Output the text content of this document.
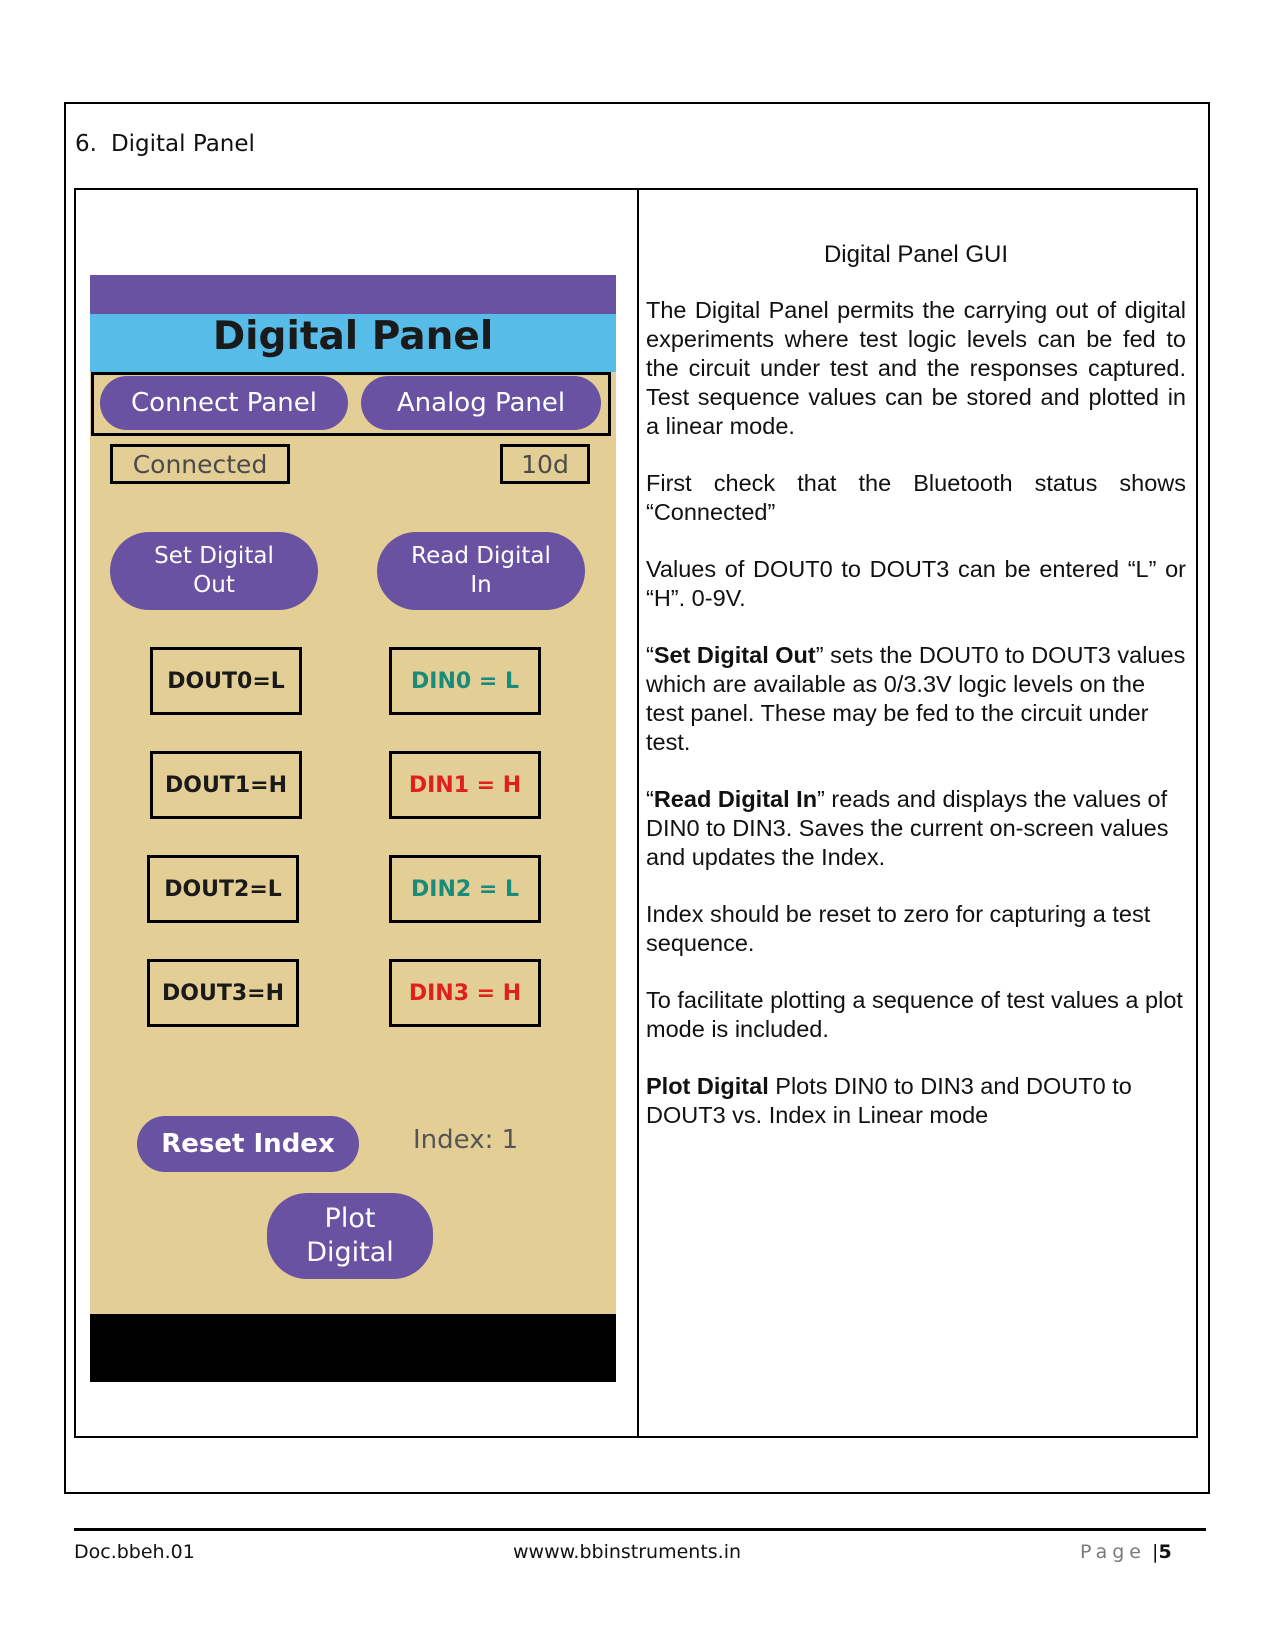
6. Digital Panel
Digital Panel
Connect Panel	Analog Panel
Connected	10d
Set Digital
Out
Read Digital
In
DOUT0=L
DOUT1=H
DOUT2=L
DOUT3=H
DIN0 = L
DIN1 = H
DIN2 = L
DIN3 = H
Reset Index	Index: 1
Plot
Digital
Digital Panel GUI

The Digital Panel permits the carrying out of digital experiments where test logic levels can be fed to the circuit under test and the responses captured. Test sequence values can be stored and plotted in a linear mode.

First check that the Bluetooth status shows “Connected”

Values of DOUT0 to DOUT3 can be entered “L” or “H”. 0-9V.

“Set Digital Out” sets the DOUT0 to DOUT3 values which are available as 0/3.3V logic levels on the test panel. These may be fed to the circuit under test.

“Read Digital In” reads and displays the values of DIN0 to DIN3. Saves the current on-screen values and updates the Index.

Index should be reset to zero for capturing a test sequence.

To facilitate plotting a sequence of test values a plot mode is included.

Plot Digital Plots DIN0 to DIN3 and DOUT0 to DOUT3 vs. Index in Linear mode

Doc.bbeh.01	wwww.bbinstruments.in	Page |5
